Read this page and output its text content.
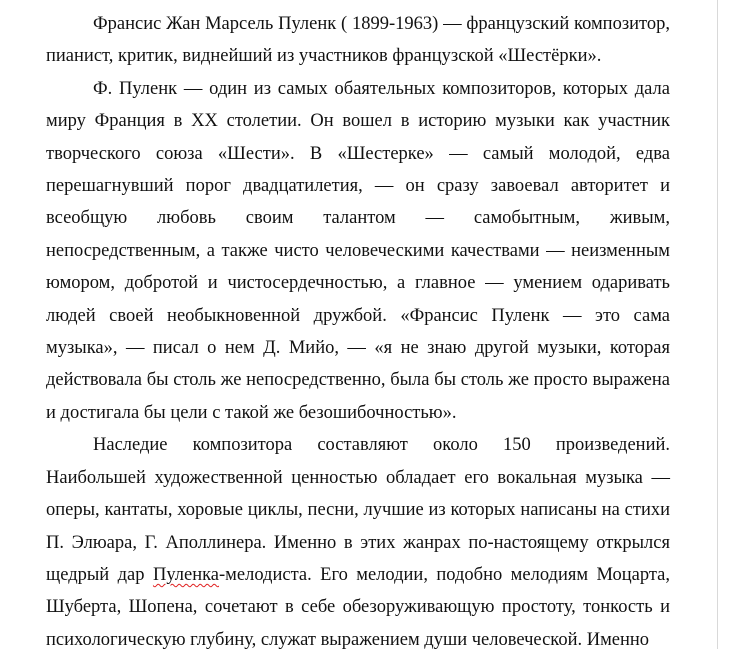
Франсис Жан Марсель Пуленк ( 1899-1963) — французский композитор, пианист, критик, виднейший из участников французской «Шестёрки».

Ф. Пуленк — один из самых обаятельных композиторов, которых дала миру Франция в XX столетии. Он вошел в историю музыки как участник творческого союза «Шести». В «Шестерке» — самый молодой, едва перешагнувший порог двадцатилетия, — он сразу завоевал авторитет и всеобщую любовь своим талантом — самобытным, живым, непосредственным, а также чисто человеческими качествами — неизменным юмором, добротой и чистосердечностью, а главное — умением одаривать людей своей необыкновенной дружбой. «Франсис Пуленк — это сама музыка», — писал о нем Д. Мийо, — «я не знаю другой музыки, которая действовала бы столь же непосредственно, была бы столь же просто выражена и достигала бы цели с такой же безошибочностью».

Наследие композитора составляют около 150 произведений. Наибольшей художественной ценностью обладает его вокальная музыка — оперы, кантаты, хоровые циклы, песни, лучшие из которых написаны на стихи П. Элюара, Г. Аполлинера. Именно в этих жанрах по-настоящему открылся щедрый дар Пуленка-мелодиста. Его мелодии, подобно мелодиям Моцарта, Шуберта, Шопена, сочетают в себе обезоруживающую простоту, тонкость и психологическую глубину, служат выражением души человеческой. Именно
